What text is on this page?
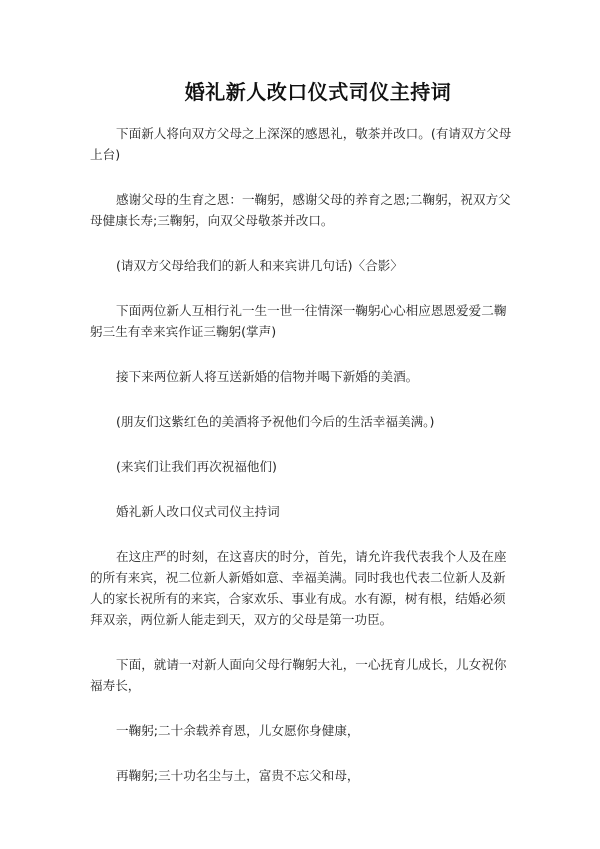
婚礼新人改口仪式司仪主持词

下面新人将向双方父母之上深深的感恩礼，敬茶并改口。(有请双方父母上台)

感谢父母的生育之恩：一鞠躬，感谢父母的养育之恩;二鞠躬，祝双方父母健康长寿;三鞠躬，向双父母敬茶并改口。

(请双方父母给我们的新人和来宾讲几句话)〈合影〉

下面两位新人互相行礼一生一世一往情深一鞠躬心心相应恩恩爱爱二鞠躬三生有幸来宾作证三鞠躬(掌声)

接下来两位新人将互送新婚的信物并喝下新婚的美酒。

(朋友们这紫红色的美酒将予祝他们今后的生活幸福美满。)

(来宾们让我们再次祝福他们)

婚礼新人改口仪式司仪主持词

在这庄严的时刻，在这喜庆的时分，首先，请允许我代表我个人及在座的所有来宾，祝二位新人新婚如意、幸福美满。同时我也代表二位新人及新人的家长祝所有的来宾，合家欢乐、事业有成。水有源，树有根，结婚必须拜双亲，两位新人能走到天，双方的父母是第一功臣。

下面，就请一对新人面向父母行鞠躬大礼，一心抚育儿成长，儿女祝你福寿长，

一鞠躬;二十余载养育恩，儿女愿你身健康，

再鞠躬;三十功名尘与土，富贵不忘父和母，
